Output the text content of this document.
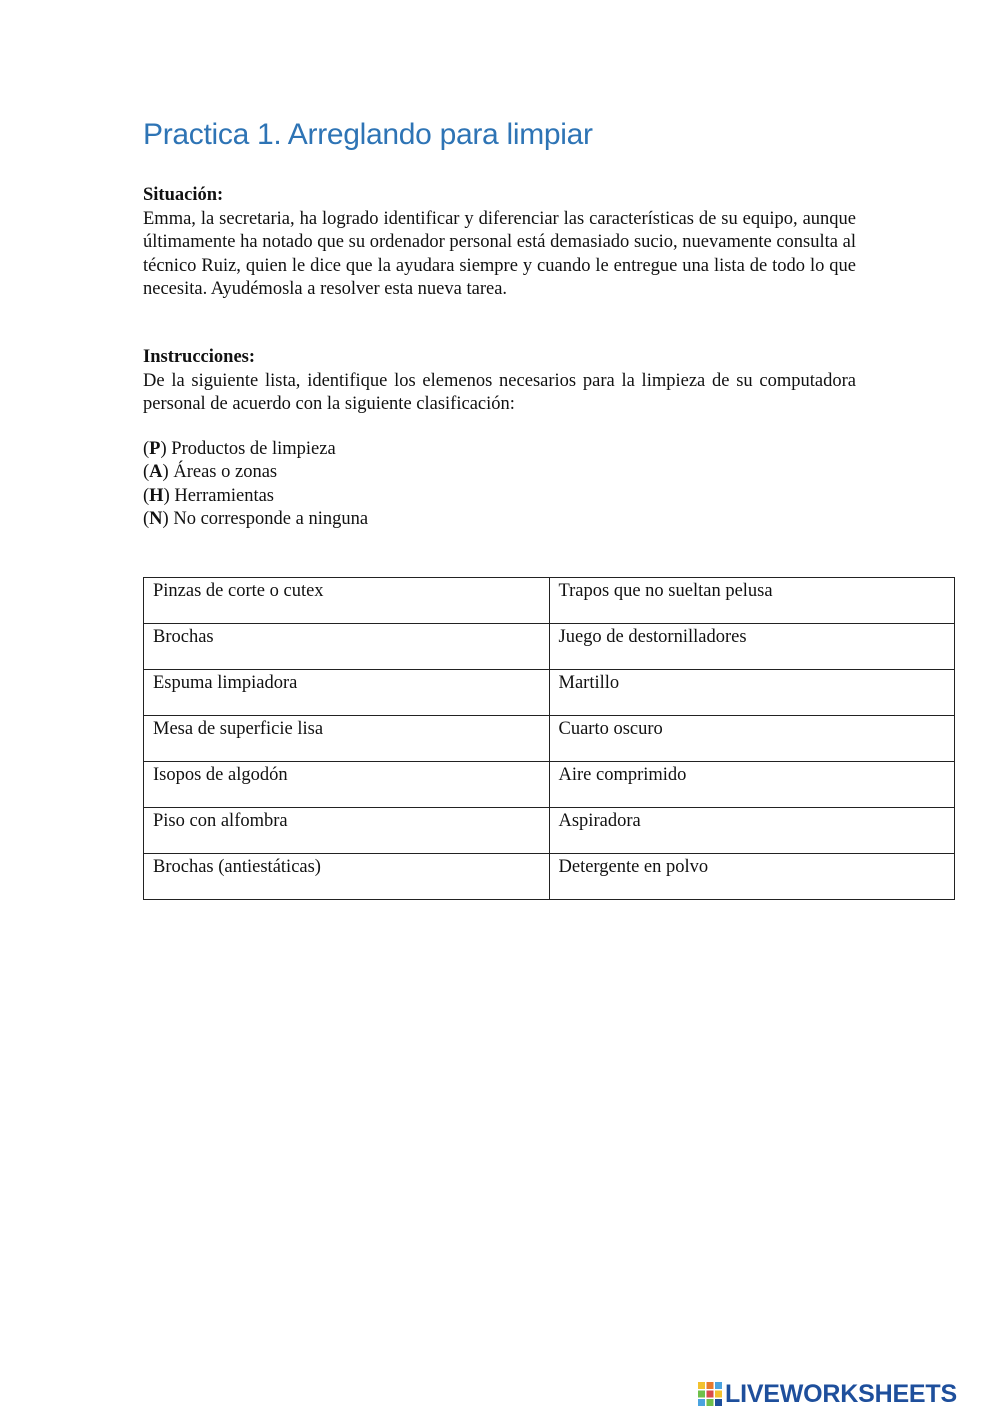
Practica 1. Arreglando para limpiar
Situación:
Emma, la secretaria, ha logrado identificar y diferenciar las características de su equipo, aunque últimamente ha notado que su ordenador personal está demasiado sucio, nuevamente consulta al técnico Ruiz, quien le dice que la ayudara siempre y cuando le entregue una lista de todo lo que necesita. Ayudémosla a resolver esta nueva tarea.
Instrucciones:
De la siguiente lista, identifique los elemenos necesarios para la limpieza de su computadora personal de acuerdo con la siguiente clasificación:
(P) Productos de limpieza
(A) Áreas o zonas
(H) Herramientas
(N) No corresponde a ninguna
Pinzas de corte o cutex	Trapos que no sueltan pelusa

Brochas	Juego de destornilladores

Espuma limpiadora	Martillo

Mesa de superficie lisa	Cuarto oscuro

Isopos de algodón	Aire comprimido

Piso con alfombra	Aspiradora

Brochas (antiestáticas)	Detergente en polvo
LIVEWORKSHEETS
